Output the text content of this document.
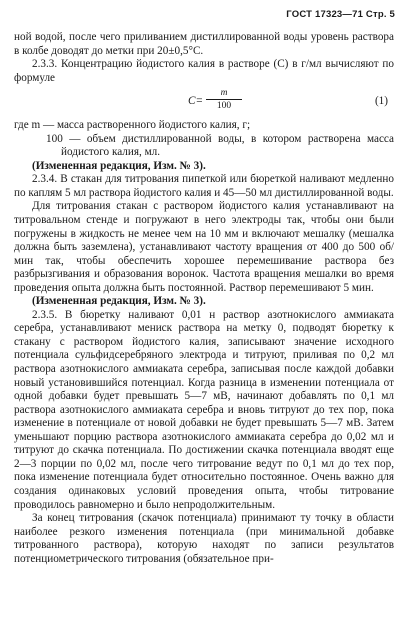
ГОСТ 17323—71 Стр. 5

ной водой, после чего приливанием дистиллированной воды уровень раствора в колбе доводят до метки при 20±0,5°С.

2.3.3. Концентрацию йодистого калия в растворе (С) в г/мл вычисляют по формуле

$С= \frac{m}{100}$	(1)

где m — масса растворенного йодистого калия, г;

100 — объем дистиллированной воды, в котором растворена масса йодистого калия, мл.

(Измененная редакция, Изм. № 3).

2.3.4. В стакан для титрования пипеткой или бюреткой наливают медленно по каплям 5 мл раствора йодистого калия и 45—50 мл дистиллированной воды.

Для титрования стакан с раствором йодистого калия устанавливают на титровальном стенде и погружают в него электроды так, чтобы они были погружены в жидкость не менее чем на 10 мм и включают мешалку (мешалка должна быть заземлена), устанавливают частоту вращения от 400 до 500 об/мин так, чтобы обеспечить хорошее перемешивание раствора без разбрызгивания и образования воронок. Частота вращения мешалки во время проведения опыта должна быть постоянной. Раствор перемешивают 5 мин.

(Измененная редакция, Изм. № 3).

2.3.5. В бюретку наливают 0,01 н раствор азотнокислого аммиаката серебра, устанавливают мениск раствора на метку 0, подводят бюретку к стакану с раствором йодистого калия, записывают значение исходного потенциала сульфидсеребряного электрода и титруют, приливая по 0,2 мл раствора азотнокислого аммиаката серебра, записывая после каждой добавки новый установившийся потенциал. Когда разница в изменении потенциала от одной добавки будет превышать 5—7 мВ, начинают добавлять по 0,1 мл раствора азотнокислого аммиаката серебра и вновь титруют до тех пор, пока изменение в потенциале от новой добавки не будет превышать 5—7 мВ. Затем уменьшают порцию раствора азотнокислого аммиаката серебра до 0,02 мл и титруют до скачка потенциала. По достижении скачка потенциала вводят еще 2—3 порции по 0,02 мл, после чего титрование ведут по 0,1 мл до тех пор, пока изменение потенциала будет относительно постоянное. Очень важно для создания одинаковых условий проведения опыта, чтобы титрование проводилось равномерно и было непродолжительным.

За конец титрования (скачок потенциала) принимают ту точку в области наиболее резкого изменения потенциала (при минимальной добавке титрованного раствора), которую находят по записи результатов потенциометрического титрования (обязательное при-
